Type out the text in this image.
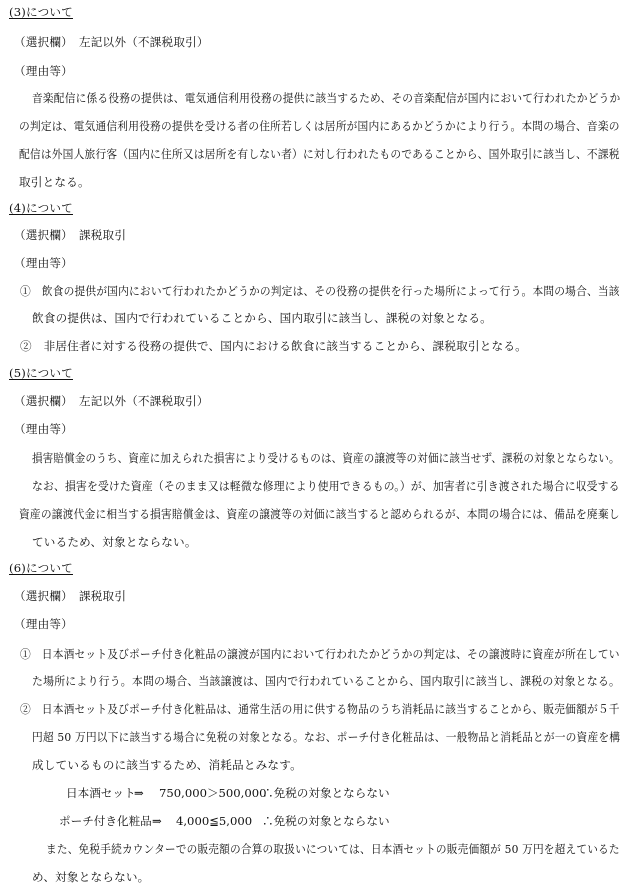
(3)について
（選択欄）　左記以外（不課税取引）
（理由等）
音楽配信に係る役務の提供は、電気通信利用役務の提供に該当するため、その音楽配信が国内において行われたかどうか
の判定は、電気通信利用役務の提供を受ける者の住所若しくは居所が国内にあるかどうかにより行う。本問の場合、音楽の
配信は外国人旅行客（国内に住所又は居所を有しない者）に対し行われたものであることから、国外取引に該当し、不課税
取引となる。
(4)について
（選択欄）　課税取引
（理由等）
①　飲食の提供が国内において行われたかどうかの判定は、その役務の提供を行った場所によって行う。本問の場合、当該
飲食の提供は、国内で行われていることから、国内取引に該当し、課税の対象となる。
②　非居住者に対する役務の提供で、国内における飲食に該当することから、課税取引となる。
(5)について
（選択欄）　左記以外（不課税取引）
（理由等）
損害賠償金のうち、資産に加えられた損害により受けるものは、資産の譲渡等の対価に該当せず、課税の対象とならない。
なお、損害を受けた資産（そのまま又は軽微な修理により使用できるもの。）が、加害者に引き渡された場合に収受する
資産の譲渡代金に相当する損害賠償金は、資産の譲渡等の対価に該当すると認められるが、本問の場合には、備品を廃棄し
ているため、対象とならない。
(6)について
（選択欄）　課税取引
（理由等）
①　日本酒セット及びポーチ付き化粧品の譲渡が国内において行われたかどうかの判定は、その譲渡時に資産が所在してい
た場所により行う。本問の場合、当該譲渡は、国内で行われていることから、国内取引に該当し、課税の対象となる。
②　日本酒セット及びポーチ付き化粧品は、通常生活の用に供する物品のうち消耗品に該当することから、販売価額が５千
円超 50 万円以下に該当する場合に免税の対象となる。なお、ポーチ付き化粧品は、一般物品と消耗品とが一の資産を構
成しているものに該当するため、消耗品とみなす。
日本酒セット
⇒ 750,000＞500,000
∴免税の対象とならない
ポーチ付き化粧品 ⇒ 4,000≦5,000 ∴免税の対象とならない
また、免税手続カウンターでの販売額の合算の取扱いについては、日本酒セットの販売価額が 50 万円を超えているた
め、対象とならない。
